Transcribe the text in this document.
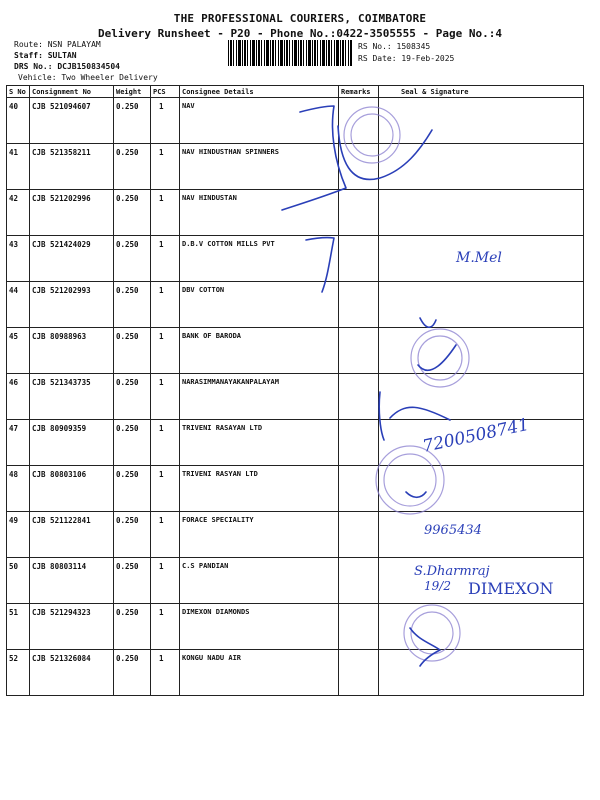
THE PROFESSIONAL COURIERS, COIMBATORE
Delivery Runsheet - P20 - Phone No.:0422-3505555 - Page No.:4
Route: NSN PALAYAM
Staff: SULTAN
DRS No.: DCJB150834504
Vehicle: Two Wheeler Delivery
RS No.: 1508345
RS Date: 19-Feb-2025
S No	Consignment No	Weight	PCS	Consignee Details	Remarks	Seal & Signature
40	CJB 521094607	0.250	1	NAV		
41	CJB 521358211	0.250	1	NAV HINDUSTHAN SPINNERS		
42	CJB 521202996	0.250	1	NAV HINDUSTAN		
43	CJB 521424029	0.250	1	D.B.V COTTON MILLS PVT		
44	CJB 521202993	0.250	1	DBV COTTON		
45	CJB 80988963	0.250	1	BANK OF BARODA		
46	CJB 521343735	0.250	1	NARASIMMANAYAKANPALAYAM		
47	CJB 80909359	0.250	1	TRIVENI RASAYAN LTD		
48	CJB 80803106	0.250	1	TRIVENI RASYAN LTD		
49	CJB 521122841	0.250	1	FORACE SPECIALITY		
50	CJB 80803114	0.250	1	C.S PANDIAN		
51	CJB 521294323	0.250	1	DIMEXON DIAMONDS		
52	CJB 521326084	0.250	1	KONGU NADU AIR		
M.Mel
7200508741
9965434
S.Dharmraj
19/2 DIMEXON
